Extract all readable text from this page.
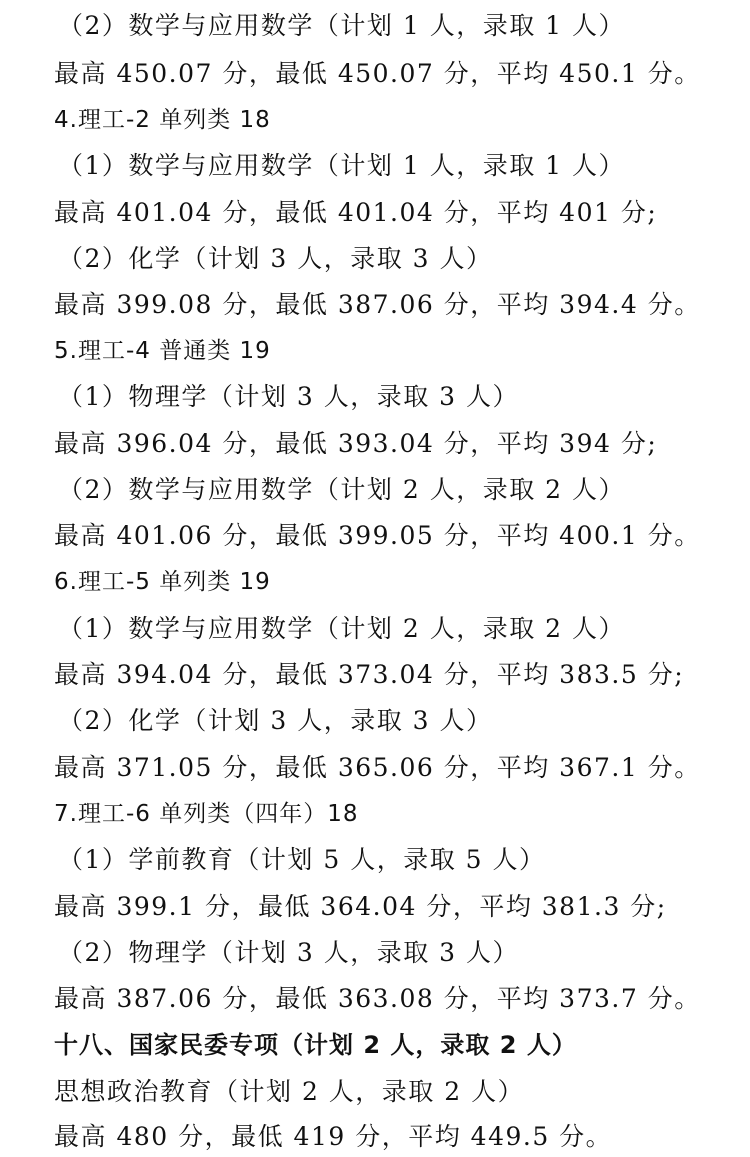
（2）数学与应用数学（计划 1 人，录取 1 人）
最高 450.07 分，最低 450.07 分，平均 450.1 分。
4.理工-2 单列类 18
（1）数学与应用数学（计划 1 人，录取 1 人）
最高 401.04 分，最低 401.04 分，平均 401 分;
（2）化学（计划 3 人，录取 3 人）
最高 399.08 分，最低 387.06 分，平均 394.4 分。
5.理工-4 普通类 19
（1）物理学（计划 3 人，录取 3 人）
最高 396.04 分，最低 393.04 分，平均 394 分;
（2）数学与应用数学（计划 2 人，录取 2 人）
最高 401.06 分，最低 399.05 分，平均 400.1 分。
6.理工-5 单列类 19
（1）数学与应用数学（计划 2 人，录取 2 人）
最高 394.04 分，最低 373.04 分，平均 383.5 分;
（2）化学（计划 3 人，录取 3 人）
最高 371.05 分，最低 365.06 分，平均 367.1 分。
7.理工-6 单列类（四年）18
（1）学前教育（计划 5 人，录取 5 人）
最高 399.1 分，最低 364.04 分，平均 381.3 分;
（2）物理学（计划 3 人，录取 3 人）
最高 387.06 分，最低 363.08 分，平均 373.7 分。
十八、国家民委专项（计划 2 人，录取 2 人）
思想政治教育（计划 2 人，录取 2 人）
最高 480 分，最低 419 分，平均 449.5 分。
